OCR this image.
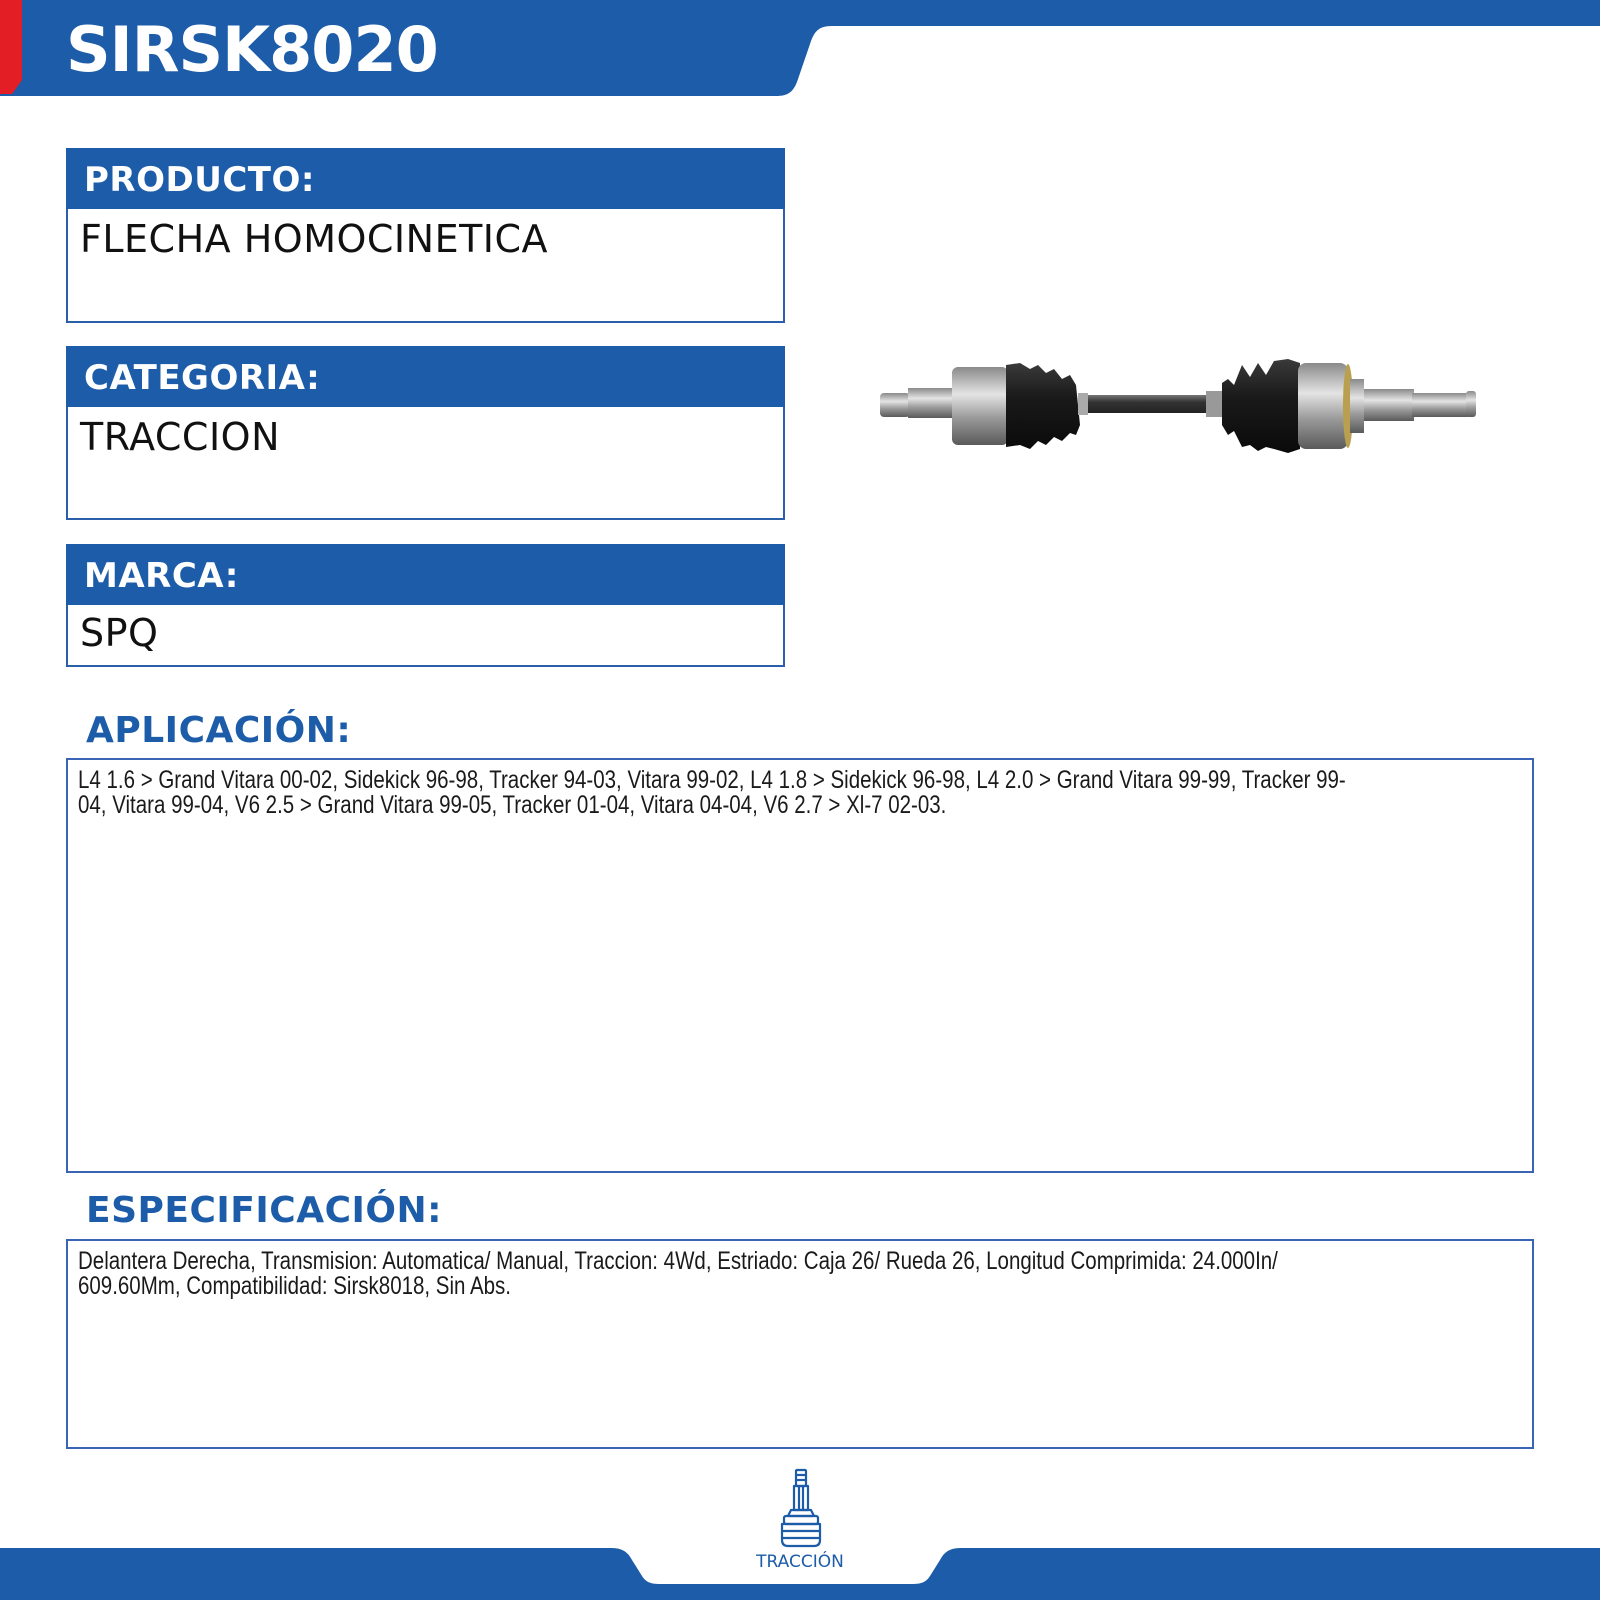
SIRSK8020
PRODUCTO:
FLECHA HOMOCINETICA
CATEGORIA:
TRACCION
MARCA:
SPQ
APLICACIÓN:
L4 1.6 > Grand Vitara 00-02, Sidekick 96-98, Tracker 94-03, Vitara 99-02, L4 1.8 > Sidekick 96-98, L4 2.0 > Grand Vitara 99-99, Tracker 99-
04, Vitara 99-04, V6 2.5 > Grand Vitara 99-05, Tracker 01-04, Vitara 04-04, V6 2.7 > Xl-7 02-03.
ESPECIFICACIÓN:
Delantera Derecha, Transmision: Automatica/ Manual, Traccion: 4Wd, Estriado: Caja 26/ Rueda 26, Longitud Comprimida: 24.000In/
609.60Mm, Compatibilidad: Sirsk8018, Sin Abs.
TRACCIÓN
